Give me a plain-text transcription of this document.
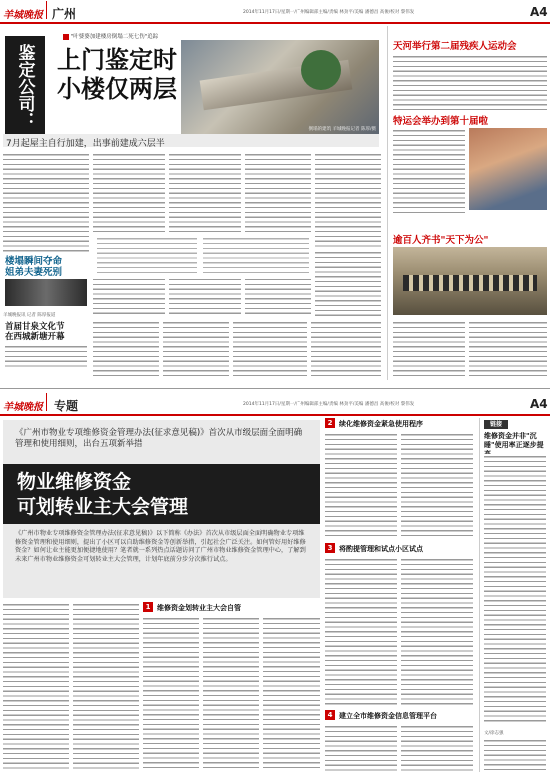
羊城晚报 广州	2014年11月17日/星期一/广州编辑部主编/责编 林劲平/美编 潘德昌 高俊/校对 黎伟发	A4
鉴定公司：
"叶婆婆加建楼房倒塌二死七伤"追踪
上门鉴定时
小楼仅两层
倒塌的建筑 羊城晚报记者 陈厚/摄
7月起屋主自行加建，出事前建成六层半
楼塌瞬间夺命
姐弟夫妻死别
羊城晚报讯 记者 陈厚报道
首届甘泉文化节
在西城新塘开幕
天河举行第二届残疾人运动会
特运会举办到第十届啦
逾百人齐书"天下为公"
羊城晚报 专题	2014年11月17日/星期一/广州编辑部主编/责编 林劲平/美编 潘德昌 高俊/校对 黎伟发	A4
《广州市物业专项维修资金管理办法(征求意见稿)》首次从市级层面全面明确管理和使用细则，出台五项新举措
物业维修资金
可划转业主大会管理
《广州市物业专项维修资金管理办法(征求意见稿)》以下简称《办法》首次从市级层面全面明确物业专项维修资金管理和使用细则，提出了小区可以自助维修资金等创新举措，引起社会广泛关注。如何管好用好维修资金？如何让业主能更加便捷地使用？笔者就一系列热点话题访问了广州市物业维修资金管理中心，了解到未来广州市物业维修资金可划转业主大会管理，计划年底前分步分次推行试点。
1 维修资金划转业主大会自管
2 续化维修资金紧急使用程序
3 将酌提管理和试点小区试点
4 建立全市维修资金信息管理平台
链接
维修资金并非"沉睡"使用率正逐步提
文/徐志强
